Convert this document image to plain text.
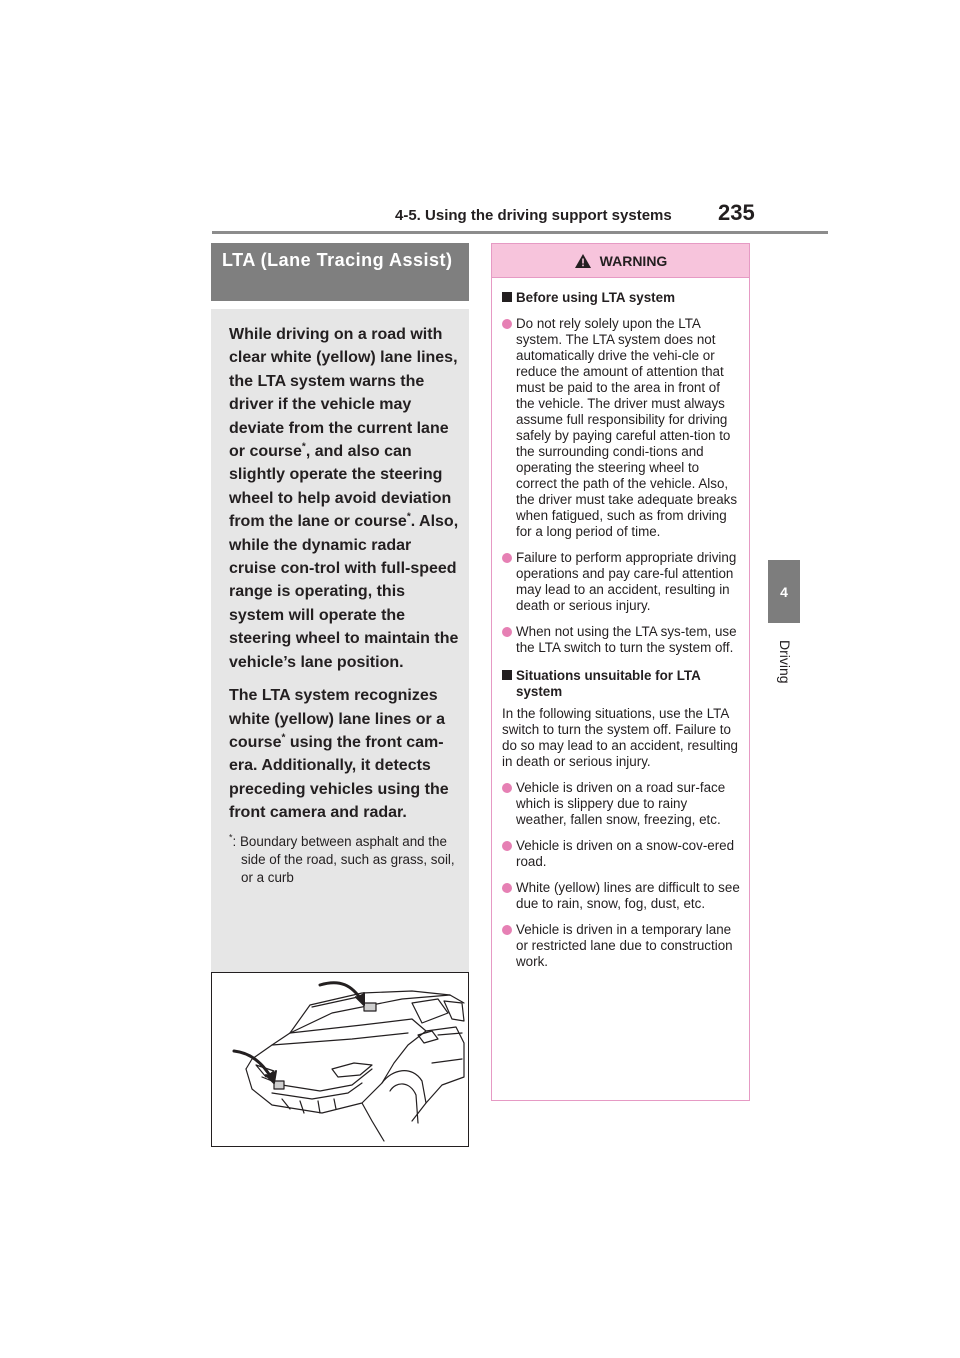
4-5. Using the driving support systems 235
4
Driving
LTA (Lane Tracing Assist)

While driving on a road with clear white (yellow) lane lines, the LTA system warns the driver if the vehicle may deviate from the current lane or course*, and also can slightly operate the steering wheel to help avoid deviation from the lane or course*. Also, while the dynamic radar cruise con-trol with full-speed range is operating, this system will operate the steering wheel to maintain the vehicle’s lane position.

The LTA system recognizes white (yellow) lane lines or a course* using the front cam-era. Additionally, it detects preceding vehicles using the front camera and radar.

*: Boundary between asphalt and the side of the road, such as grass, soil, or a curb

WARNING
Before using LTA system
Do not rely solely upon the LTA system. The LTA system does not automatically drive the vehi-cle or reduce the amount of attention that must be paid to the area in front of the vehicle. The driver must always assume full responsibility for driving safely by paying careful atten-tion to the surrounding condi-tions and operating the steering wheel to correct the path of the vehicle. Also, the driver must take adequate breaks when fatigued, such as from driving for a long period of time.
Failure to perform appropriate driving operations and pay care-ful attention may lead to an accident, resulting in death or serious injury.
When not using the LTA sys-tem, use the LTA switch to turn the system off.
Situations unsuitable for LTA system
In the following situations, use the LTA switch to turn the system off. Failure to do so may lead to an accident, resulting in death or serious injury.
Vehicle is driven on a road sur-face which is slippery due to rainy weather, fallen snow, freezing, etc.
Vehicle is driven on a snow-cov-ered road.
White (yellow) lines are difficult to see due to rain, snow, fog, dust, etc.
Vehicle is driven in a temporary lane or restricted lane due to construction work.
